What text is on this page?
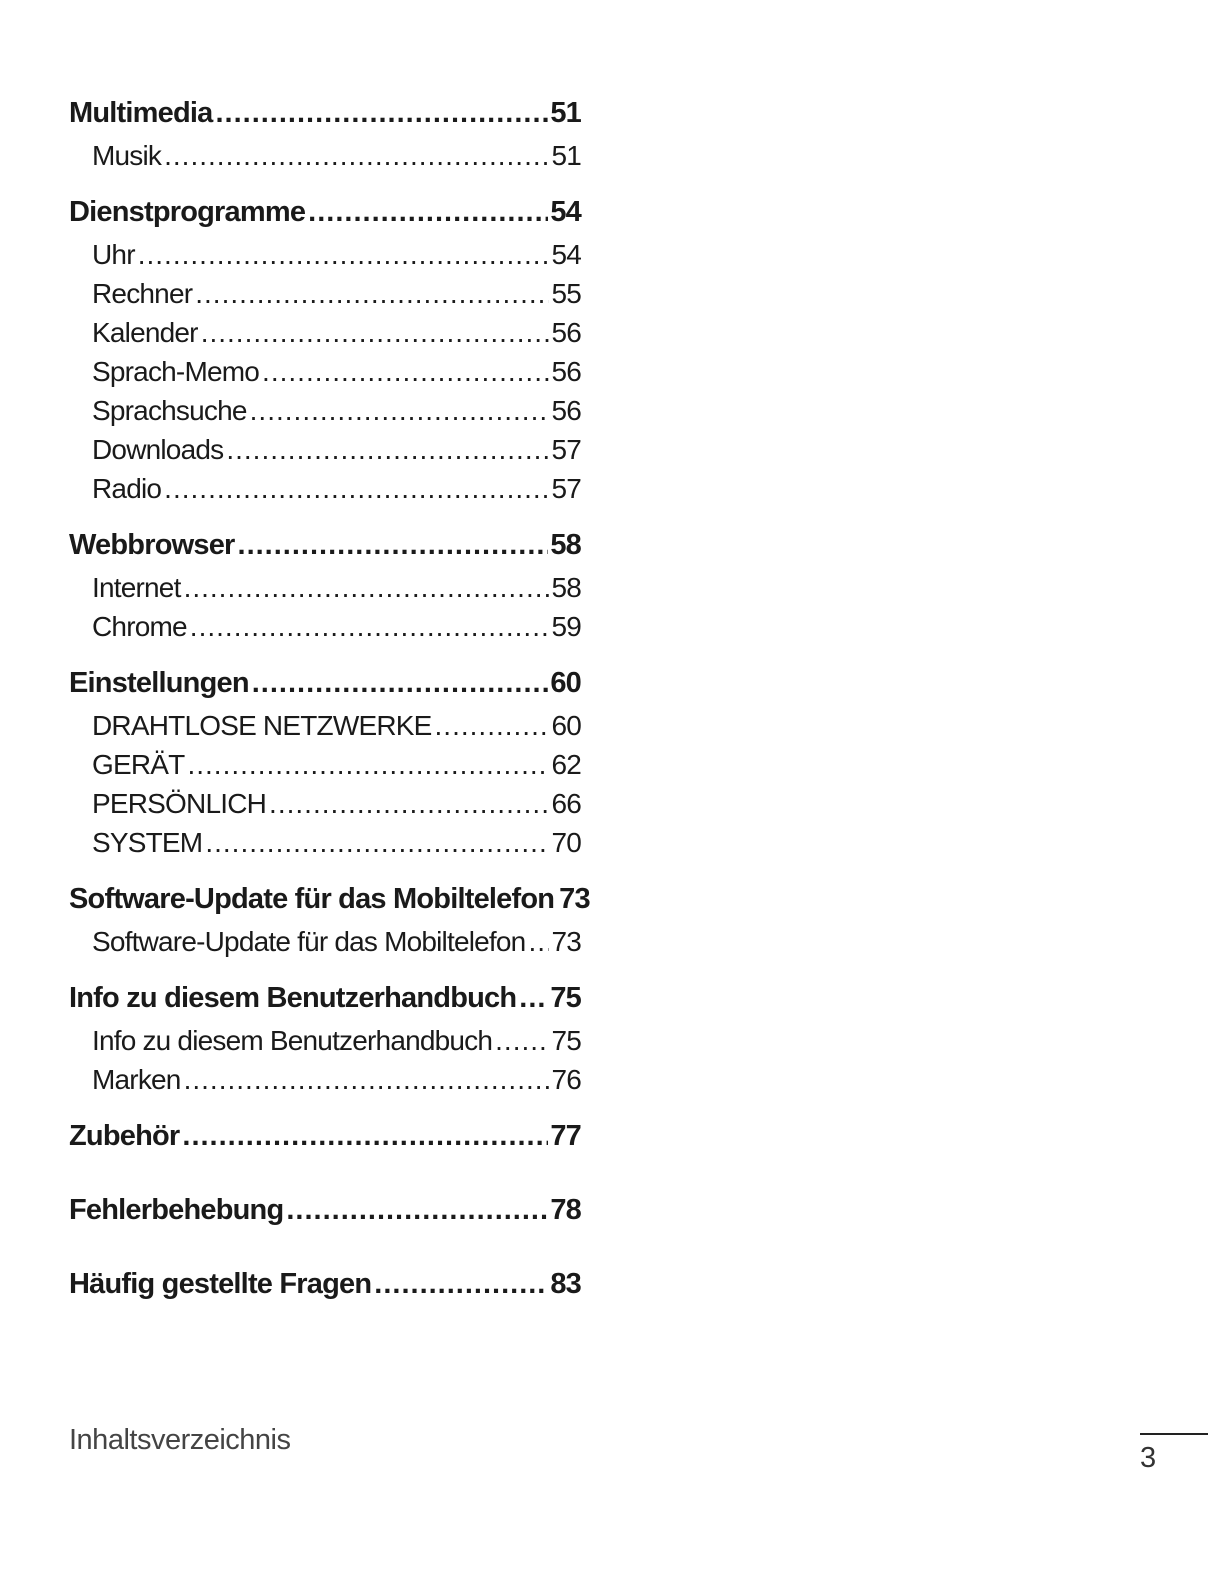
Multimedia .....	51
Musik .....	51
Dienstprogramme .....	54
Uhr .....	54
Rechner .....	55
Kalender .....	56
Sprach-Memo .....	56
Sprachsuche .....	56
Downloads .....	57
Radio .....	57
Webbrowser .....	58
Internet .....	58
Chrome .....	59
Einstellungen .....	60
DRAHTLOSE NETZWERKE .....	60
GERÄT .....	62
PERSÖNLICH .....	66
SYSTEM .....	70
Software-Update für das Mobiltelefon 73
Software-Update für das Mobiltelefon ..... 73
Info zu diesem Benutzerhandbuch ..... 75
Info zu diesem Benutzerhandbuch ..... 75
Marken .....	76
Zubehör .....	77
Fehlerbehebung .....	78
Häufig gestellte Fragen .....	83
Inhaltsverzeichnis
3
